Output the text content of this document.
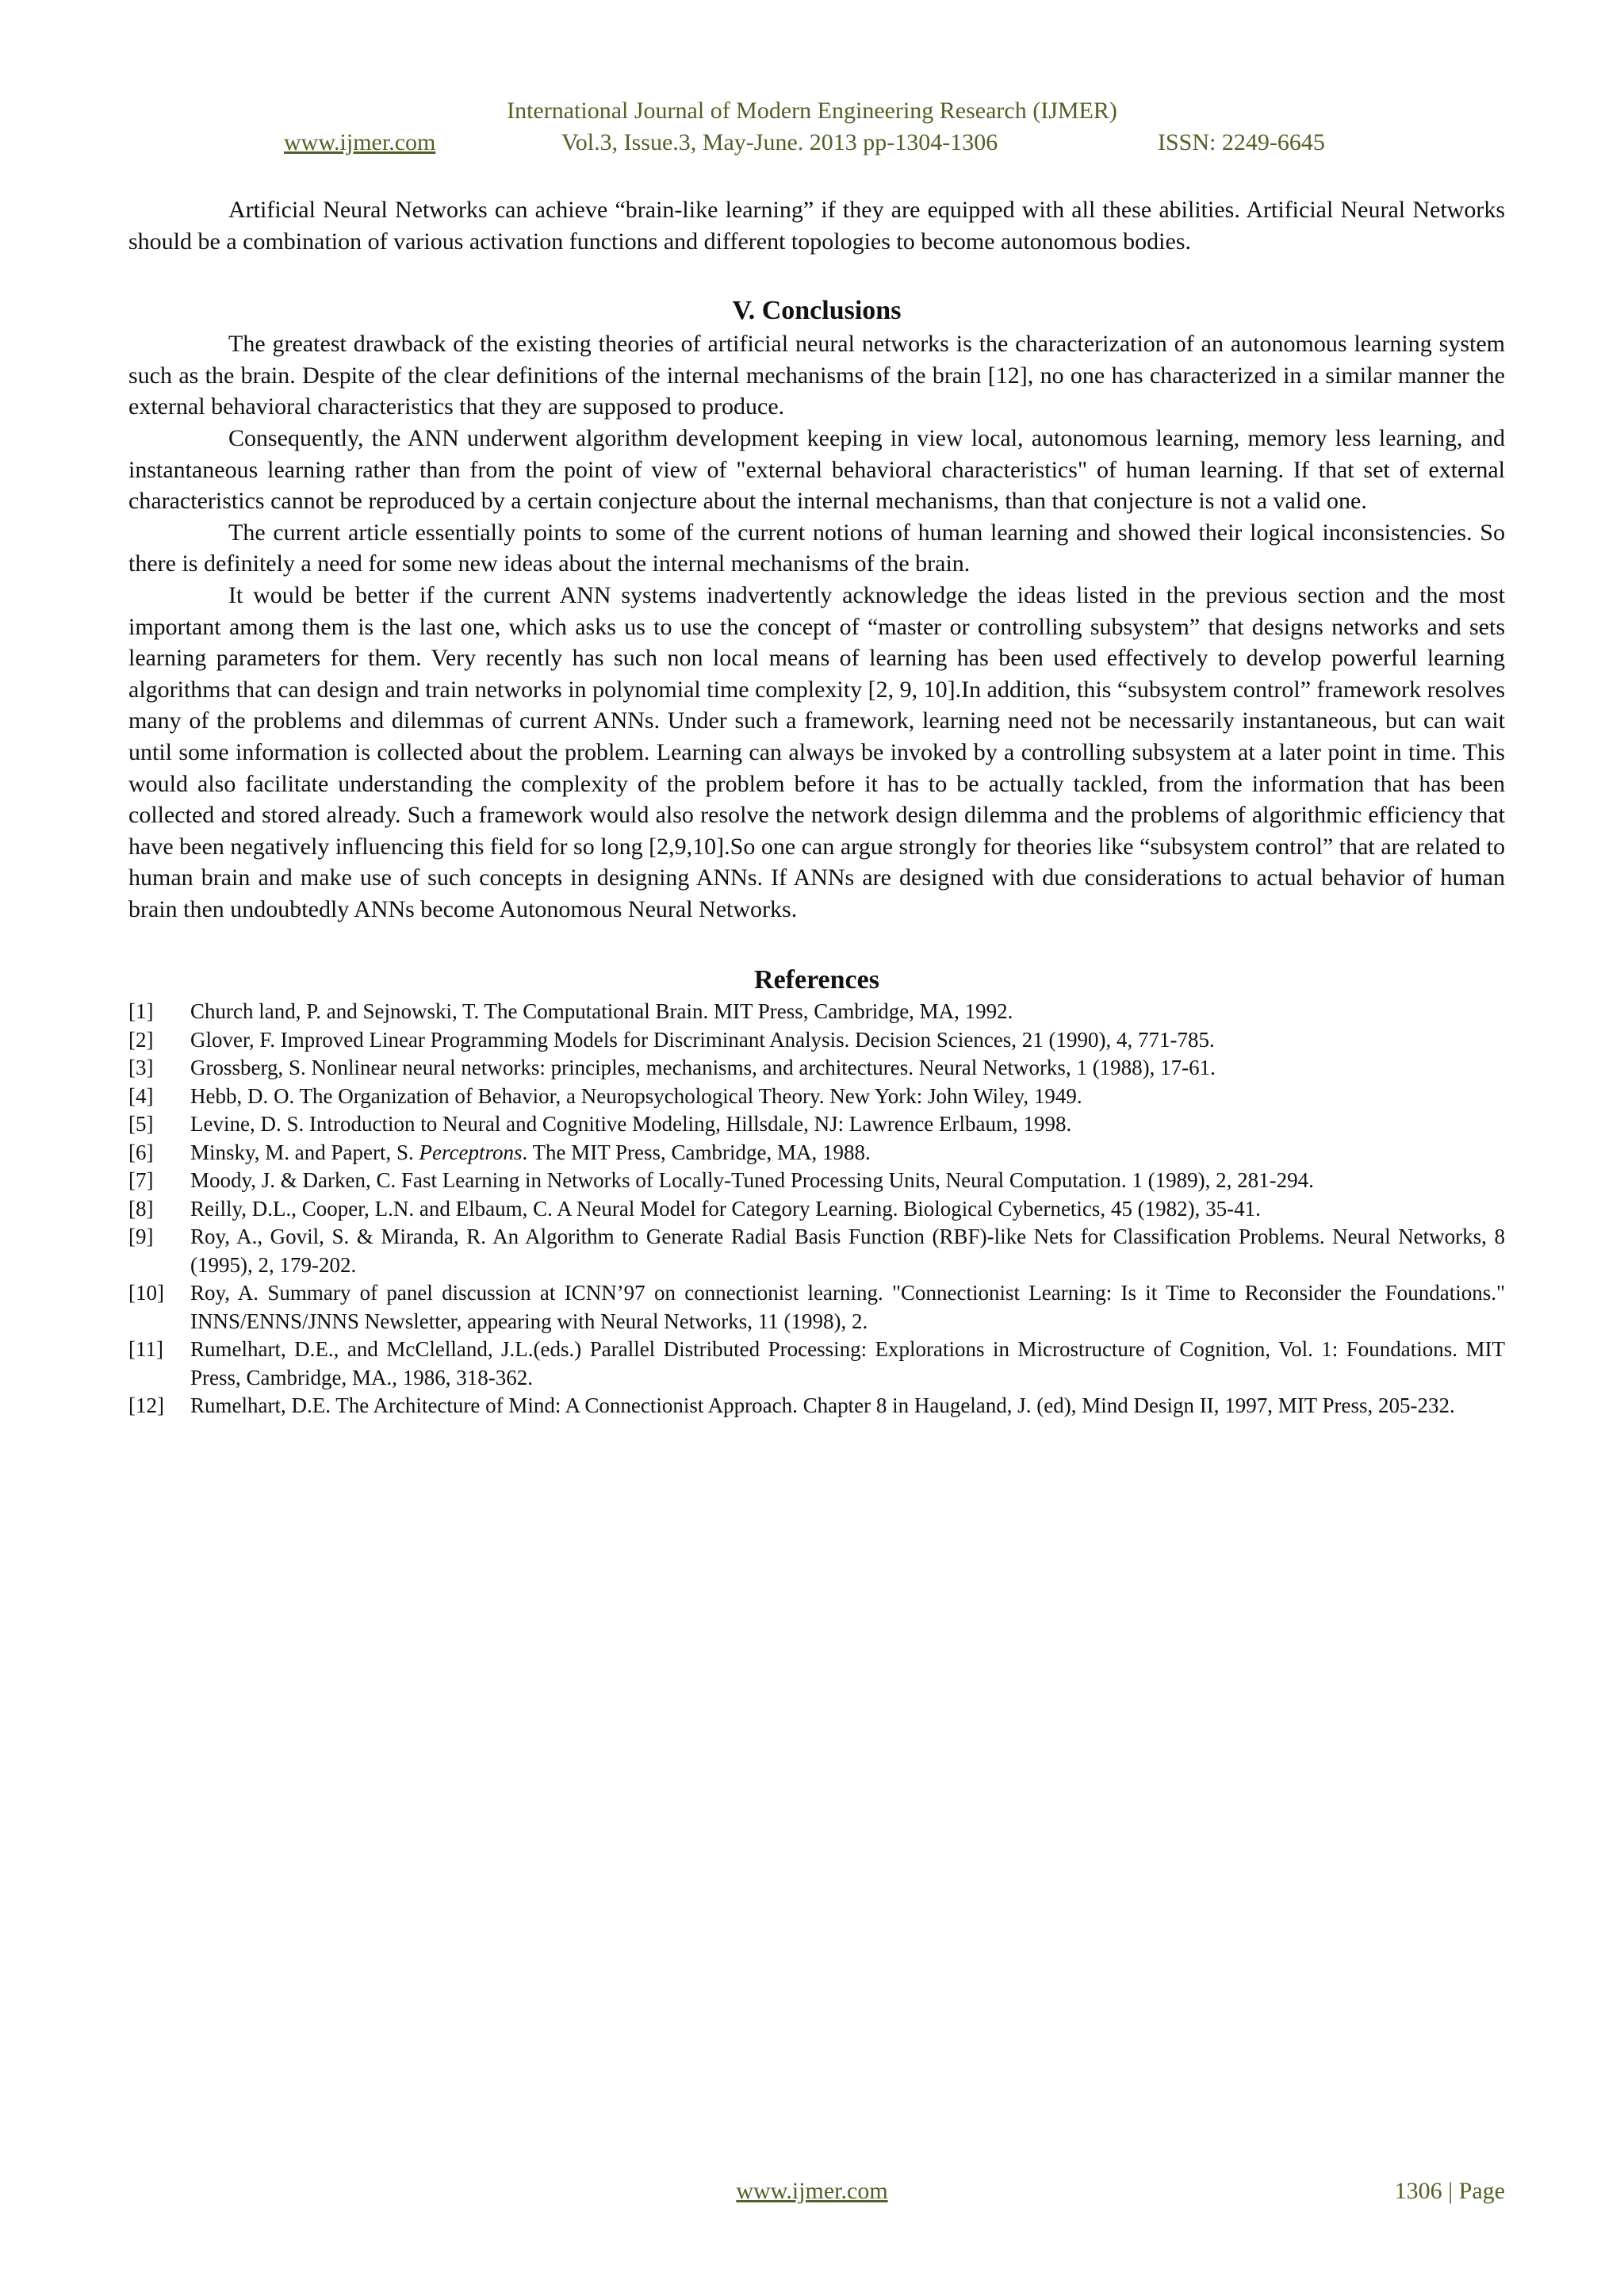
International Journal of Modern Engineering Research (IJMER)
www.ijmer.com	Vol.3, Issue.3, May-June. 2013 pp-1304-1306	ISSN: 2249-6645

Artificial Neural Networks can achieve “brain-like learning” if they are equipped with all these abilities. Artificial Neural Networks should be a combination of various activation functions and different topologies to become autonomous bodies.

V. Conclusions

The greatest drawback of the existing theories of artificial neural networks is the characterization of an autonomous learning system such as the brain. Despite of the clear definitions of the internal mechanisms of the brain [12], no one has characterized in a similar manner the external behavioral characteristics that they are supposed to produce.

Consequently, the ANN underwent algorithm development keeping in view local, autonomous learning, memory less learning, and instantaneous learning rather than from the point of view of "external behavioral characteristics" of human learning. If that set of external characteristics cannot be reproduced by a certain conjecture about the internal mechanisms, than that conjecture is not a valid one.

The current article essentially points to some of the current notions of human learning and showed their logical inconsistencies. So there is definitely a need for some new ideas about the internal mechanisms of the brain.

It would be better if the current ANN systems inadvertently acknowledge the ideas listed in the previous section and the most important among them is the last one, which asks us to use the concept of “master or controlling subsystem” that designs networks and sets learning parameters for them. Very recently has such non local means of learning has been used effectively to develop powerful learning algorithms that can design and train networks in polynomial time complexity [2, 9, 10].In addition, this “subsystem control” framework resolves many of the problems and dilemmas of current ANNs. Under such a framework, learning need not be necessarily instantaneous, but can wait until some information is collected about the problem. Learning can always be invoked by a controlling subsystem at a later point in time. This would also facilitate understanding the complexity of the problem before it has to be actually tackled, from the information that has been collected and stored already. Such a framework would also resolve the network design dilemma and the problems of algorithmic efficiency that have been negatively influencing this field for so long [2,9,10].So one can argue strongly for theories like “subsystem control” that are related to human brain and make use of such concepts in designing ANNs. If ANNs are designed with due considerations to actual behavior of human brain then undoubtedly ANNs become Autonomous Neural Networks.

References
[1] Church land, P. and Sejnowski, T. The Computational Brain. MIT Press, Cambridge, MA, 1992.
[2] Glover, F. Improved Linear Programming Models for Discriminant Analysis. Decision Sciences, 21 (1990), 4, 771-785.
[3] Grossberg, S. Nonlinear neural networks: principles, mechanisms, and architectures. Neural Networks, 1 (1988), 17-61.
[4] Hebb, D. O. The Organization of Behavior, a Neuropsychological Theory. New York: John Wiley, 1949.
[5] Levine, D. S. Introduction to Neural and Cognitive Modeling, Hillsdale, NJ: Lawrence Erlbaum, 1998.
[6] Minsky, M. and Papert, S. Perceptrons. The MIT Press, Cambridge, MA, 1988.
[7] Moody, J. & Darken, C. Fast Learning in Networks of Locally-Tuned Processing Units, Neural Computation. 1 (1989), 2, 281-294.
[8] Reilly, D.L., Cooper, L.N. and Elbaum, C. A Neural Model for Category Learning. Biological Cybernetics, 45 (1982), 35-41.
[9] Roy, A., Govil, S. & Miranda, R. An Algorithm to Generate Radial Basis Function (RBF)-like Nets for Classification Problems. Neural Networks, 8 (1995), 2, 179-202.
[10] Roy, A. Summary of panel discussion at ICNN’97 on connectionist learning. "Connectionist Learning: Is it Time to Reconsider the Foundations." INNS/ENNS/JNNS Newsletter, appearing with Neural Networks, 11 (1998), 2.
[11] Rumelhart, D.E., and McClelland, J.L.(eds.) Parallel Distributed Processing: Explorations in Microstructure of Cognition, Vol. 1: Foundations. MIT Press, Cambridge, MA., 1986, 318-362.
[12] Rumelhart, D.E. The Architecture of Mind: A Connectionist Approach. Chapter 8 in Haugeland, J. (ed), Mind Design II, 1997, MIT Press, 205-232.
www.ijmer.com	1306 | Page
